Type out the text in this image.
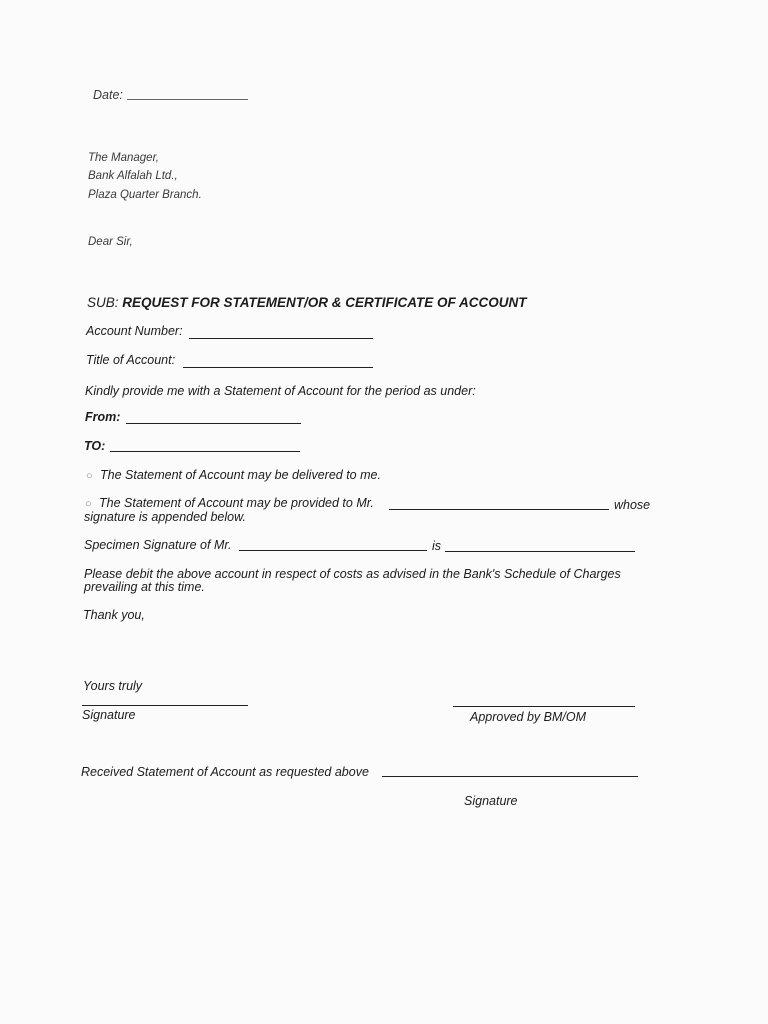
Date:
The Manager,
Bank Alfalah Ltd.,
Plaza Quarter Branch.
Dear Sir,
SUB: REQUEST FOR STATEMENT/OR & CERTIFICATE OF ACCOUNT
Account Number:
Title of Account:
Kindly provide me with a Statement of Account for the period as under:
From:
TO:
○ The Statement of Account may be delivered to me.
○ The Statement of Account may be provided to Mr.	whose
signature is appended below.
Specimen Signature of Mr.	is
Please debit the above account in respect of costs as advised in the Bank's Schedule of Charges
prevailing at this time.
Thank you,
Yours truly
Signature	Approved by BM/OM
Received Statement of Account as requested above
Signature
